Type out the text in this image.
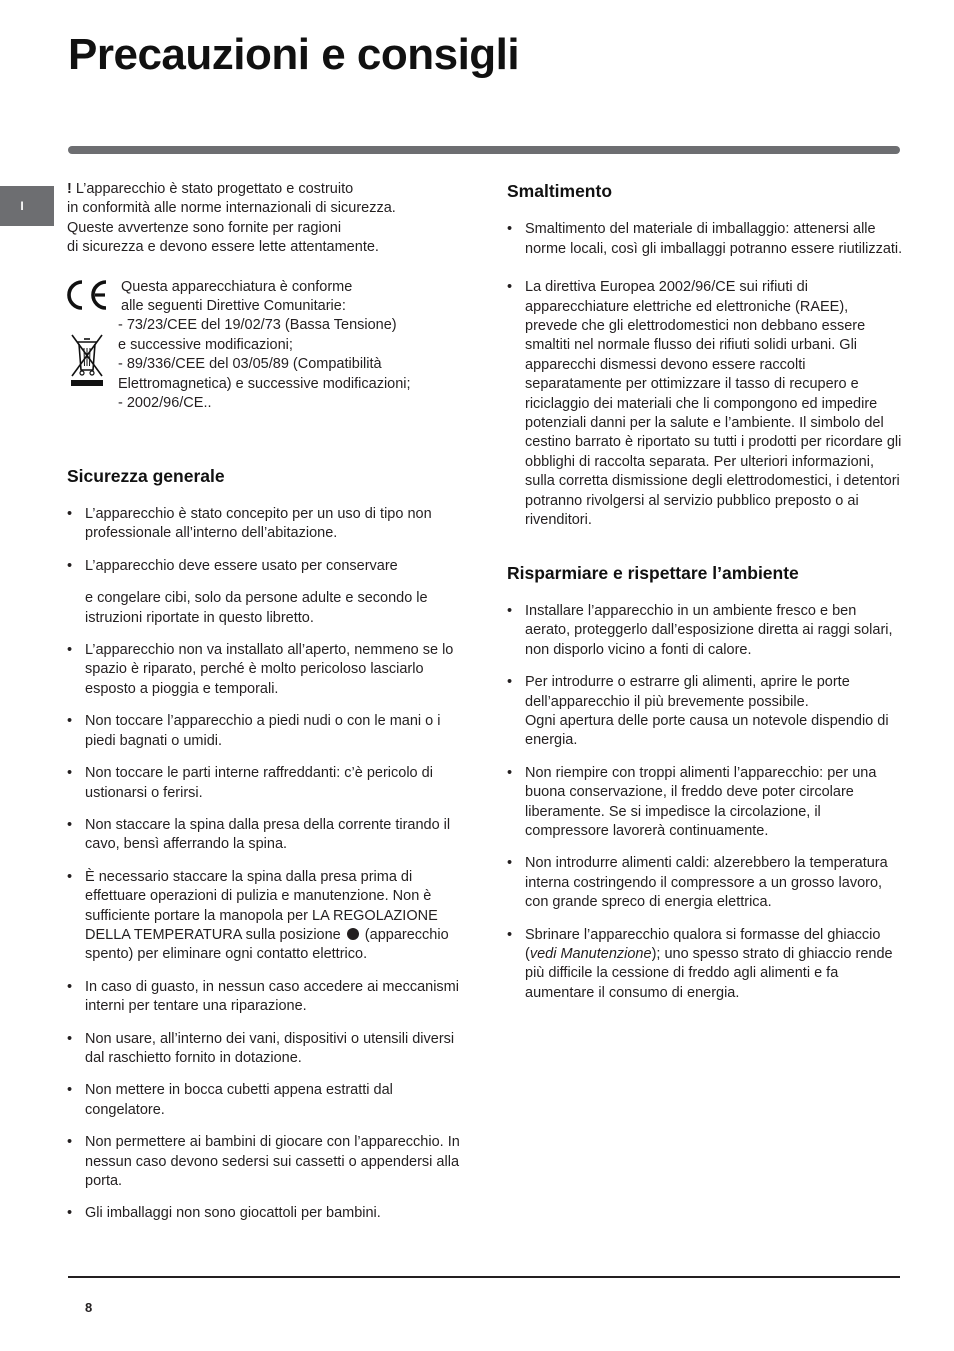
Precauzioni e consigli
I

! L’apparecchio è stato progettato e costruito

in conformità alle norme internazionali di sicurezza.

Queste avvertenze sono fornite per ragioni

di sicurezza e devono essere lette attentamente.

Questa apparecchiatura è conforme

alle seguenti Direttive Comunitarie:

- 73/23/CEE del 19/02/73 (Bassa Tensione)

e successive modificazioni;

- 89/336/CEE del 03/05/89 (Compatibilità

Elettromagnetica) e successive modificazioni;

- 2002/96/CE..

Sicurezza generale
• L’apparecchio è stato concepito per un uso di tipo non professionale all’interno dell’abitazione.
• L’apparecchio deve essere usato per conservare
e congelare cibi, solo da persone adulte e secondo le istruzioni riportate in questo libretto.
• L’apparecchio non va installato all’aperto, nemmeno se lo spazio è riparato, perché è molto pericoloso lasciarlo esposto a pioggia e temporali.
• Non toccare l’apparecchio a piedi nudi o con le mani o i piedi bagnati o umidi.
• Non toccare le parti interne raffreddanti: c’è pericolo di ustionarsi o ferirsi.
• Non staccare la spina dalla presa della corrente tirando il cavo, bensì afferrando la spina.
• È necessario staccare la spina dalla presa prima di effettuare operazioni di pulizia e manutenzione. Non è sufficiente portare la manopola per LA REGOLAZIONE DELLA TEMPERATURA sulla posizione  (apparecchio spento) per eliminare ogni contatto elettrico.
• In caso di guasto, in nessun caso accedere ai meccanismi interni per tentare una riparazione.
• Non usare, all’interno dei vani, dispositivi o utensili diversi dal raschietto fornito in dotazione.
• Non mettere in bocca cubetti appena estratti dal congelatore.
• Non permettere ai bambini di giocare con l’apparecchio. In nessun caso devono sedersi sui cassetti o appendersi alla porta.
• Gli imballaggi non sono giocattoli per bambini.
Smaltimento
• Smaltimento del materiale di imballaggio: attenersi alle norme locali, così gli imballaggi potranno essere riutilizzati.
• La direttiva Europea 2002/96/CE sui rifiuti di apparecchiature elettriche ed elettroniche (RAEE), prevede che gli elettrodomestici non debbano essere smaltiti nel normale flusso dei rifiuti solidi urbani. Gli apparecchi dismessi devono essere raccolti separatamente per ottimizzare il tasso di recupero e riciclaggio dei materiali che li compongono ed impedire potenziali danni per la salute e l’ambiente. Il simbolo del cestino barrato è riportato su tutti i prodotti per ricordare gli obblighi di raccolta separata. Per ulteriori informazioni, sulla corretta dismissione degli elettrodomestici, i detentori potranno rivolgersi al servizio pubblico preposto o ai rivenditori.
Risparmiare e rispettare l’ambiente
• Installare l’apparecchio in un ambiente fresco e ben aerato, proteggerlo dall’esposizione diretta ai raggi solari, non disporlo vicino a fonti di calore.

• Per introdurre o estrarre gli alimenti, aprire le porte dell’apparecchio il più brevemente possibile.

Ogni apertura delle porte causa un notevole dispendio di energia.

• Non riempire con troppi alimenti l’apparecchio: per una buona conservazione, il freddo deve poter circolare liberamente. Se si impedisce la circolazione, il compressore lavorerà continuamente.
• Non introdurre alimenti caldi: alzerebbero la temperatura interna costringendo il compressore a un grosso lavoro, con grande spreco di energia elettrica.
• Sbrinare l’apparecchio qualora si formasse del ghiaccio (vedi Manutenzione); uno spesso strato di ghiaccio rende più difficile la cessione di freddo agli alimenti e fa aumentare il consumo di energia.
8
